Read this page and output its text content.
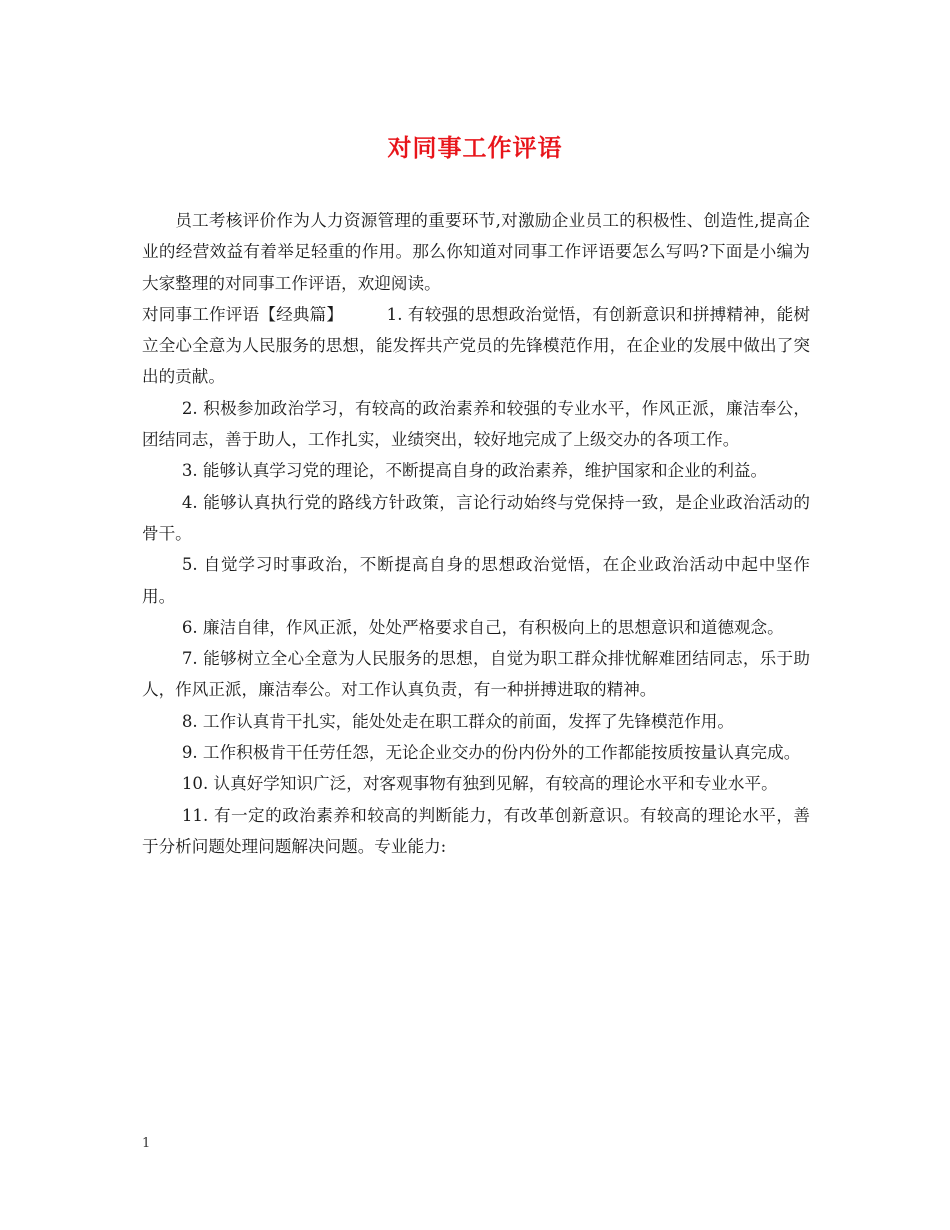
对同事工作评语

员工考核评价作为人力资源管理的重要环节,对激励企业员工的积极性、创造性,提高企业的经营效益有着举足轻重的作用。那么你知道对同事工作评语要怎么写吗?下面是小编为大家整理的对同事工作评语，欢迎阅读。

对同事工作评语【经典篇】	1. 有较强的思想政治觉悟，有创新意识和拼搏精神，能树立全心全意为人民服务的思想，能发挥共产党员的先锋模范作用，在企业的发展中做出了突出的贡献。

2. 积极参加政治学习，有较高的政治素养和较强的专业水平，作风正派，廉洁奉公，团结同志，善于助人，工作扎实，业绩突出，较好地完成了上级交办的各项工作。

3. 能够认真学习党的理论，不断提高自身的政治素养，维护国家和企业的利益。

4. 能够认真执行党的路线方针政策，言论行动始终与党保持一致，是企业政治活动的骨干。

5. 自觉学习时事政治，不断提高自身的思想政治觉悟，在企业政治活动中起中坚作用。

6. 廉洁自律，作风正派，处处严格要求自己，有积极向上的思想意识和道德观念。

7. 能够树立全心全意为人民服务的思想，自觉为职工群众排忧解难团结同志，乐于助人，作风正派，廉洁奉公。对工作认真负责，有一种拼搏进取的精神。

8. 工作认真肯干扎实，能处处走在职工群众的前面，发挥了先锋模范作用。

9. 工作积极肯干任劳任怨，无论企业交办的份内份外的工作都能按质按量认真完成。

10. 认真好学知识广泛，对客观事物有独到见解，有较高的理论水平和专业水平。

11. 有一定的政治素养和较高的判断能力，有改革创新意识。有较高的理论水平，善于分析问题处理问题解决问题。专业能力:

1
